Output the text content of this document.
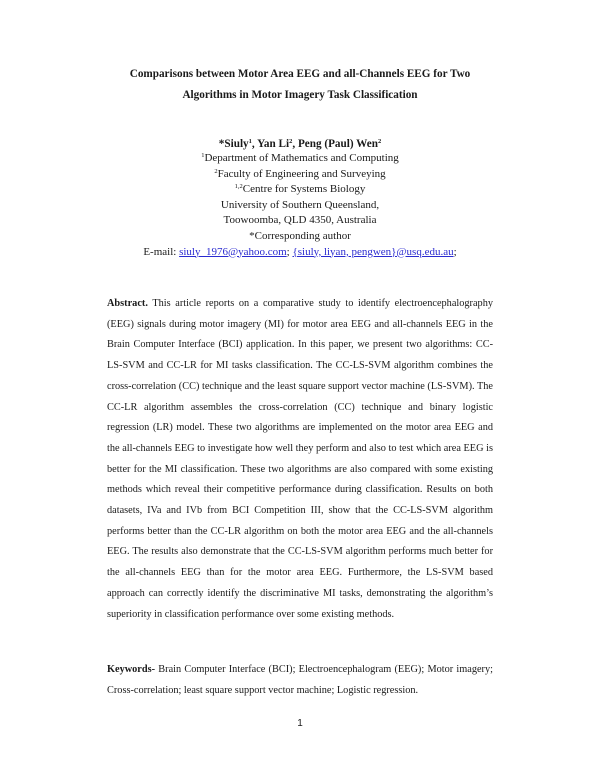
Comparisons between Motor Area EEG and all-Channels EEG for Two
Algorithms in Motor Imagery Task Classification
*Siuly$^1$, Yan Li$^2$, Peng (Paul) Wen$^2$
$^1$Department of Mathematics and Computing
$^2$Faculty of Engineering and Surveying
$^{1,2}$Centre for Systems Biology
University of Southern Queensland,
Toowoomba, QLD 4350, Australia
*Corresponding author
E-mail: siuly_1976@yahoo.com; {siuly, liyan, pengwen}@usq.edu.au;
Abstract. This article reports on a comparative study to identify electroencephalography (EEG) signals during motor imagery (MI) for motor area EEG and all-channels EEG in the Brain Computer Interface (BCI) application. In this paper, we present two algorithms: CC-LS-SVM and CC-LR for MI tasks classification. The CC-LS-SVM algorithm combines the cross-correlation (CC) technique and the least square support vector machine (LS-SVM). The CC-LR algorithm assembles the cross-correlation (CC) technique and binary logistic regression (LR) model. These two algorithms are implemented on the motor area EEG and the all-channels EEG to investigate how well they perform and also to test which area EEG is better for the MI classification. These two algorithms are also compared with some existing methods which reveal their competitive performance during classification. Results on both datasets, IVa and IVb from BCI Competition III, show that the CC-LS-SVM algorithm performs better than the CC-LR algorithm on both the motor area EEG and the all-channels EEG. The results also demonstrate that the CC-LS-SVM algorithm performs much better for the all-channels EEG than for the motor area EEG. Furthermore, the LS-SVM based approach can correctly identify the discriminative MI tasks, demonstrating the algorithm’s superiority in classification performance over some existing methods.
Keywords- Brain Computer Interface (BCI); Electroencephalogram (EEG); Motor imagery; Cross-correlation; least square support vector machine; Logistic regression.
1
